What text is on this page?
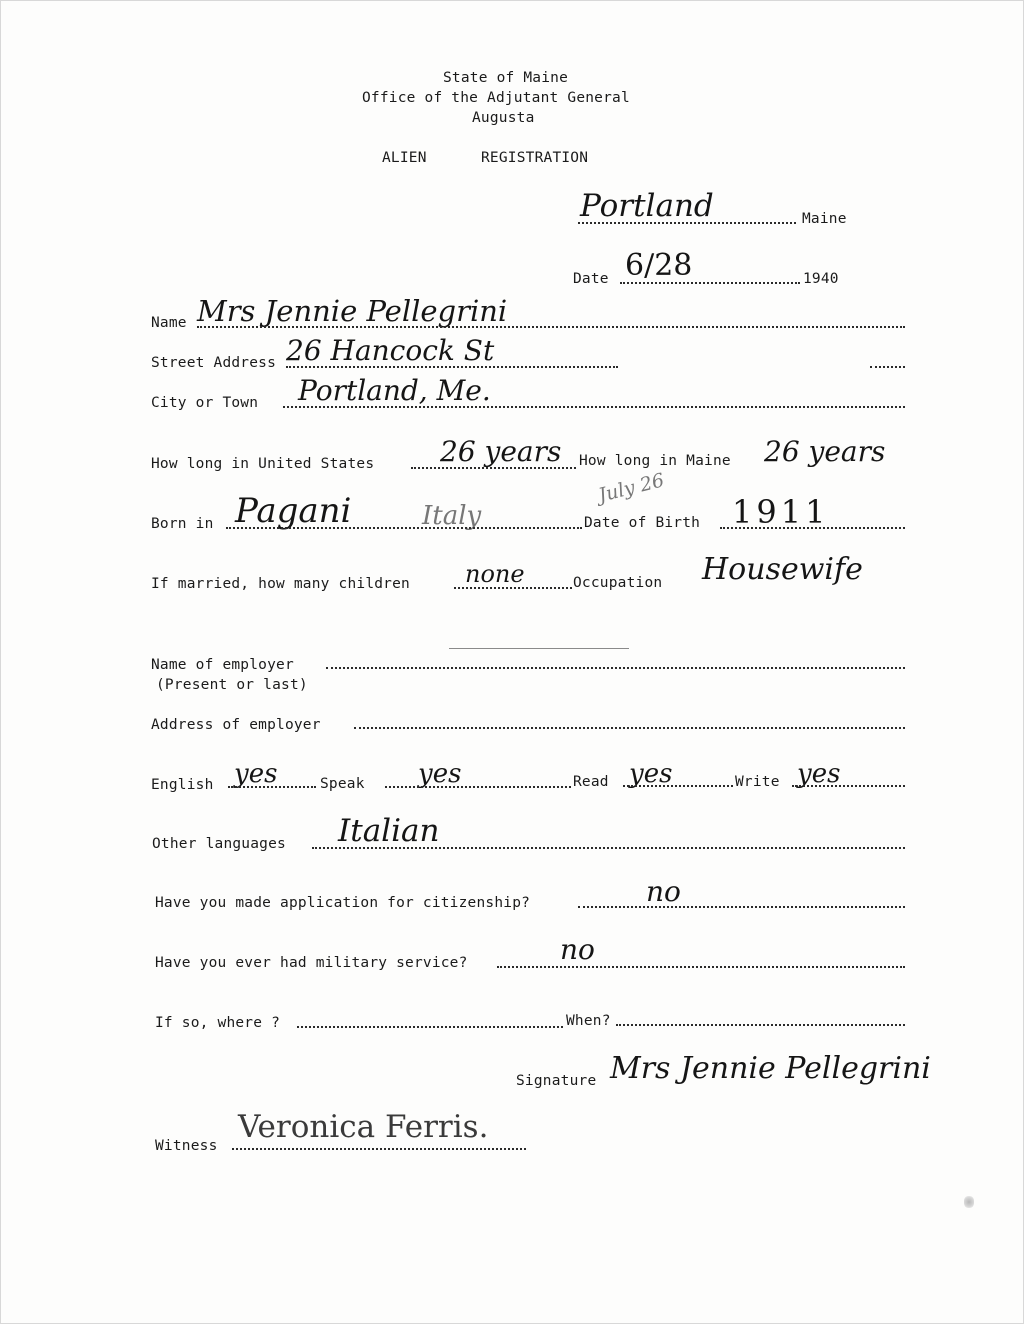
State of Maine
Office of the Adjutant General
Augusta
ALIEN	REGISTRATION
Portland	Maine
Date 6/28	1940
Name Mrs Jennie Pellegrini
Street Address 26 Hancock St
City or Town Portland, Me.
How long in United States 26 years How long in Maine 26 years
Born in Pagani	Italy
July 26
Date of Birth 1911
If married, how many children none	Occupation Housewife
Name of employer
(Present or last)
Address of employer
English yes	Speak yes	Read yes	Write yes
Other languages Italian
Have you made application for citizenship?	no
Have you ever had military service?	no
If so, where ?	When?
Signature Mrs Jennie Pellegrini
Witness
Veronica Ferris.
